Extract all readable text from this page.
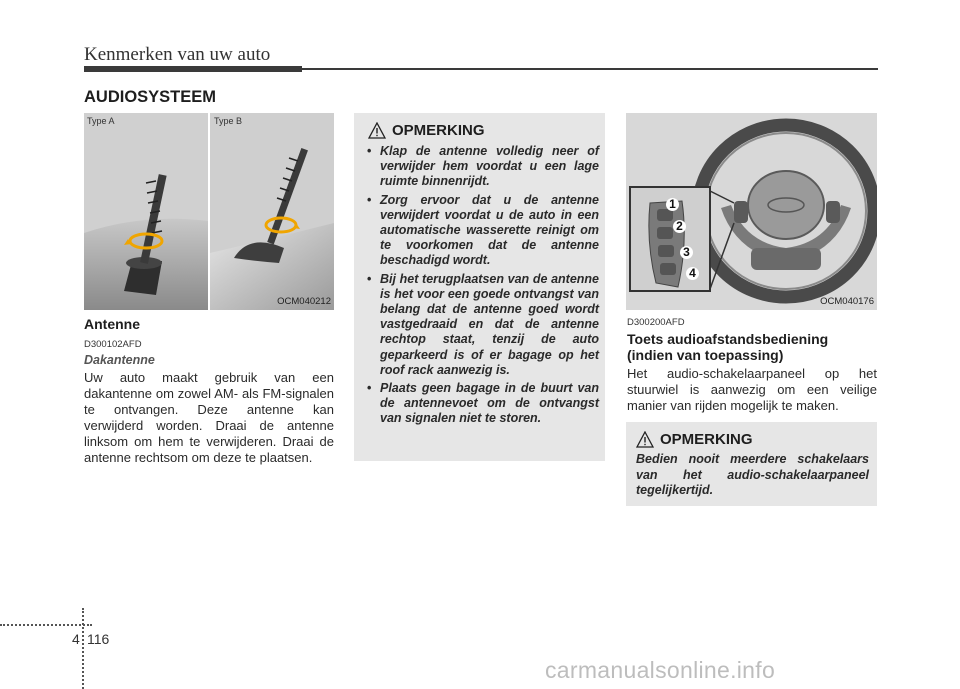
Kenmerken van uw auto
AUDIOSYSTEEM
Type A	Type B
OCM040212
Antenne
D300102AFD
Dakantenne
Uw auto maakt gebruik van een dakantenne om zowel AM- als FM-signalen te ontvangen. Deze antenne kan verwijderd worden. Draai de antenne linksom om hem te verwijderen. Draai de antenne rechtsom om deze te plaatsen.
OPMERKING
• Klap de antenne volledig neer of verwijder hem voordat u een lage ruimte binnenrijdt.
• Zorg ervoor dat u de antenne verwijdert voordat u de auto in een automatische wasserette reinigt om te voorkomen dat de antenne beschadigd wordt.
• Bij het terugplaatsen van de antenne is het voor een goede ontvangst van belang dat de antenne goed wordt vastgedraaid en dat de antenne rechtop staat, tenzij de auto geparkeerd is of er bagage op het roof rack aanwezig is.
• Plaats geen bagage in de buurt van de antennevoet om de ontvangst van signalen niet te storen.
1
2
3
4
OCM040176
D300200AFD
Toets audioafstandsbediening (indien van toepassing)
Het audio-schakelaarpaneel op het stuurwiel is aanwezig om een veilige manier van rijden mogelijk te maken.
OPMERKING
Bedien nooit meerdere schakelaars van het audio-schakelaarpaneel tegelijkertijd.
4 116
carmanualsonline.info
